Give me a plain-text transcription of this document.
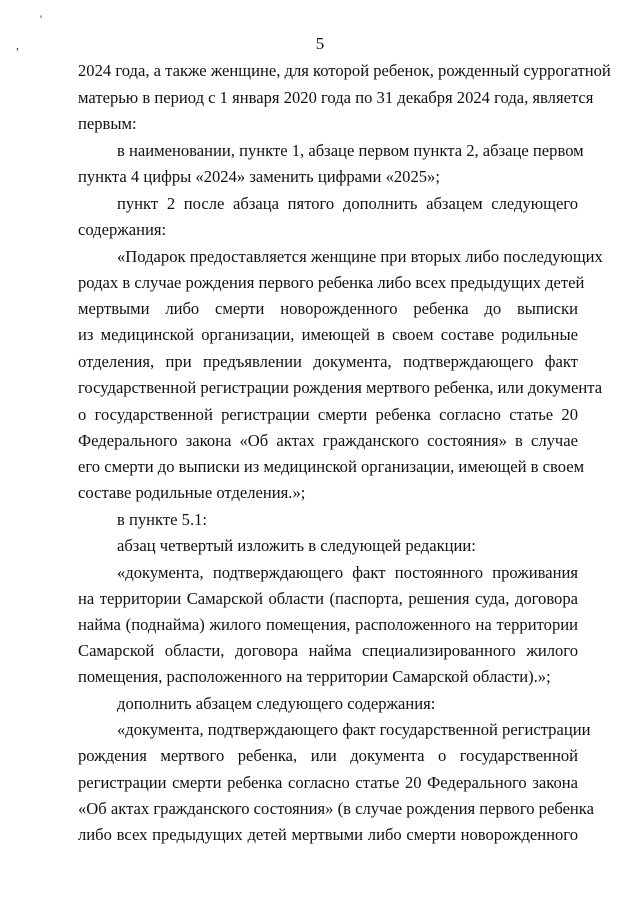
'
,	5
2024 года, а также женщине, для которой ребенок, рожденный суррогатной
матерью в период с 1 января 2020 года по 31 декабря 2024 года, является
первым:
в наименовании, пункте 1, абзаце первом пункта 2, абзаце первом
пункта 4 цифры «2024» заменить цифрами «2025»;
пункт 2 после абзаца пятого дополнить абзацем следующего
содержания:
«Подарок предоставляется женщине при вторых либо последующих
родах в случае рождения первого ребенка либо всех предыдущих детей
мертвыми либо смерти новорожденного ребенка до выписки
из медицинской организации, имеющей в своем составе родильные
отделения, при предъявлении документа, подтверждающего факт
государственной регистрации рождения мертвого ребенка, или документа
о государственной регистрации смерти ребенка согласно статье 20
Федерального закона «Об актах гражданского состояния» в случае
его смерти до выписки из медицинской организации, имеющей в своем
составе родильные отделения.»;
в пункте 5.1:
абзац четвертый изложить в следующей редакции:
«документа, подтверждающего факт постоянного проживания
на территории Самарской области (паспорта, решения суда, договора
найма (поднайма) жилого помещения, расположенного на территории
Самарской области, договора найма специализированного жилого
помещения, расположенного на территории Самарской области).»;
дополнить абзацем следующего содержания:
«документа, подтверждающего факт государственной регистрации
рождения мертвого ребенка, или документа о государственной
регистрации смерти ребенка согласно статье 20 Федерального закона
«Об актах гражданского состояния» (в случае рождения первого ребенка
либо всех предыдущих детей мертвыми либо смерти новорожденного
